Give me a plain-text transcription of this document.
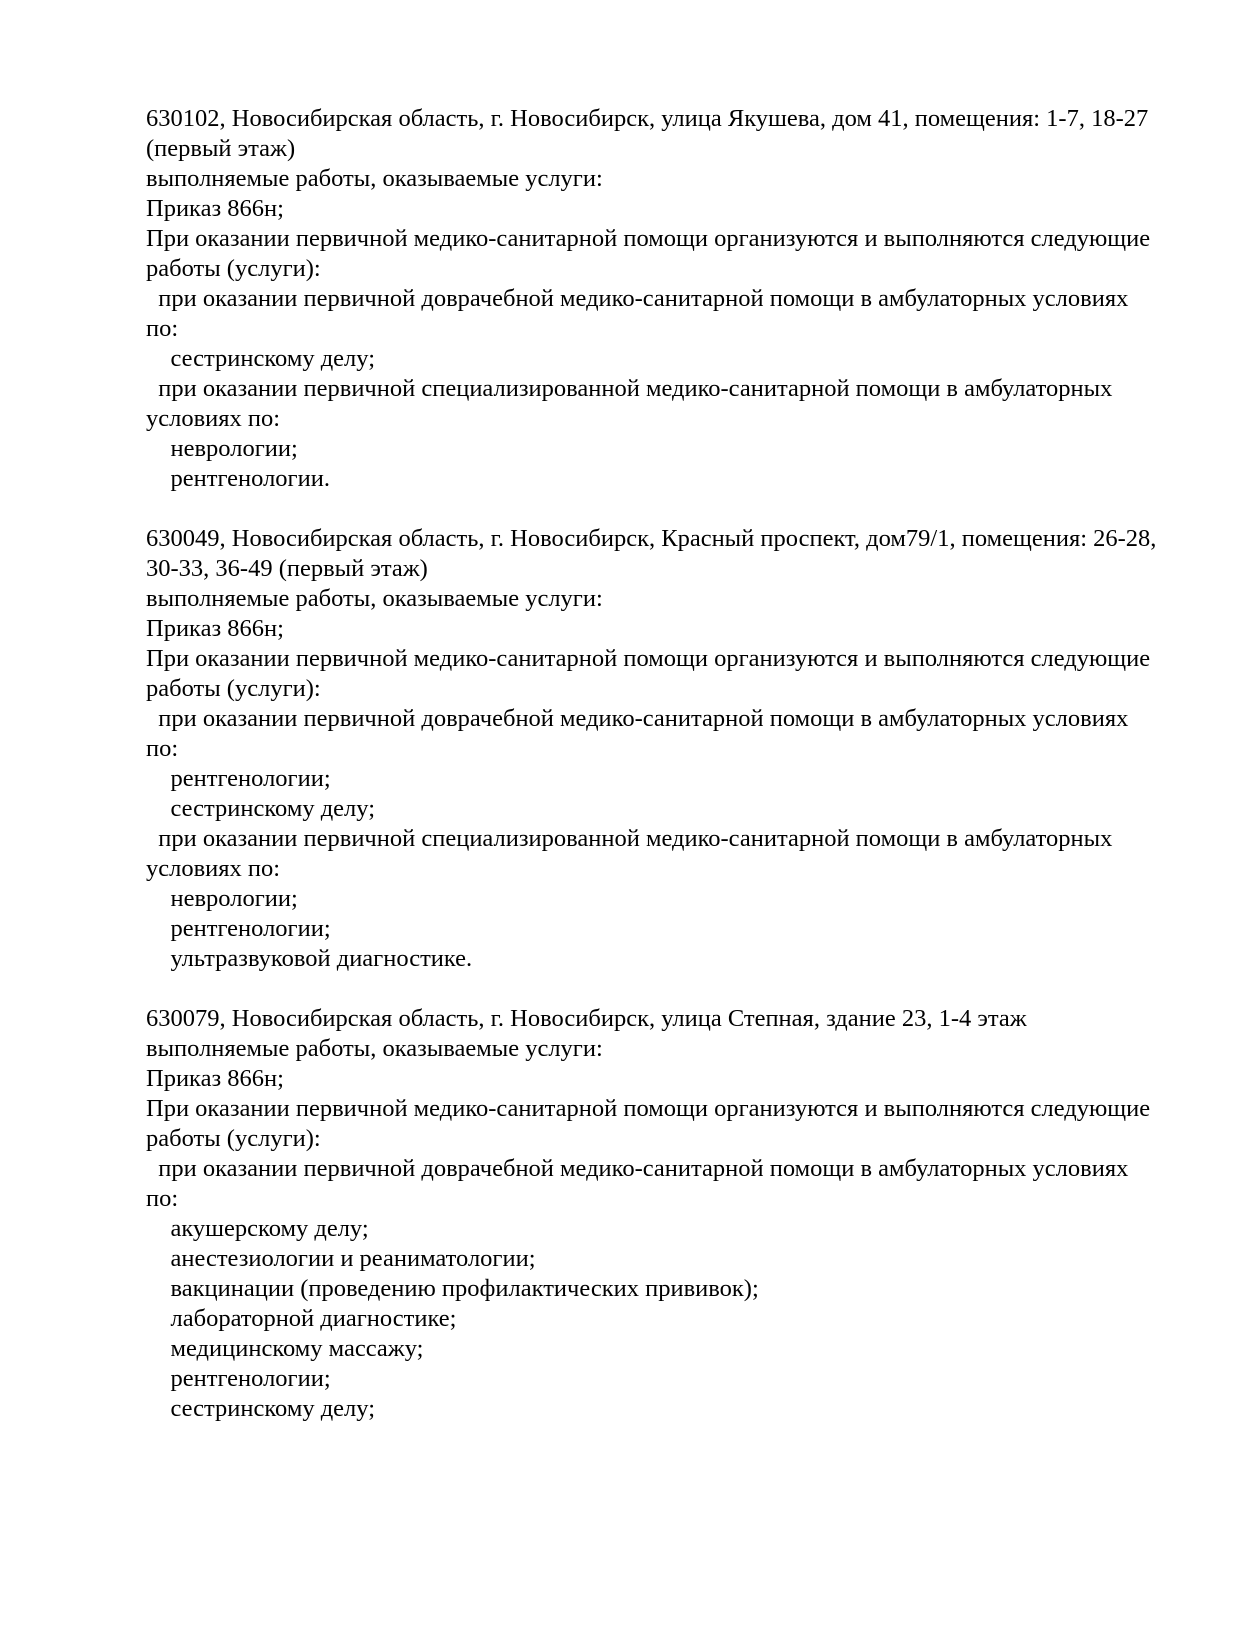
630102, Новосибирская область, г. Новосибирск, улица Якушева, дом 41, помещения: 1-7, 18-27
(первый этаж)
выполняемые работы, оказываемые услуги:
Приказ 866н;
При оказании первичной медико-санитарной помощи организуются и выполняются следующие
работы (услуги):
при оказании первичной доврачебной медико-санитарной помощи в амбулаторных условиях
по:
сестринскому делу;
при оказании первичной специализированной медико-санитарной помощи в амбулаторных
условиях по:
неврологии;
рентгенологии.
630049, Новосибирская область, г. Новосибирск, Красный проспект, дом79/1, помещения: 26-28,
30-33, 36-49 (первый этаж)
выполняемые работы, оказываемые услуги:
Приказ 866н;
При оказании первичной медико-санитарной помощи организуются и выполняются следующие
работы (услуги):
при оказании первичной доврачебной медико-санитарной помощи в амбулаторных условиях
по:
рентгенологии;
сестринскому делу;
при оказании первичной специализированной медико-санитарной помощи в амбулаторных
условиях по:
неврологии;
рентгенологии;
ультразвуковой диагностике.
630079, Новосибирская область, г. Новосибирск, улица Степная, здание 23, 1-4 этаж
выполняемые работы, оказываемые услуги:
Приказ 866н;
При оказании первичной медико-санитарной помощи организуются и выполняются следующие
работы (услуги):
при оказании первичной доврачебной медико-санитарной помощи в амбулаторных условиях
по:
акушерскому делу;
анестезиологии и реаниматологии;
вакцинации (проведению профилактических прививок);
лабораторной диагностике;
медицинскому массажу;
рентгенологии;
сестринскому делу;
